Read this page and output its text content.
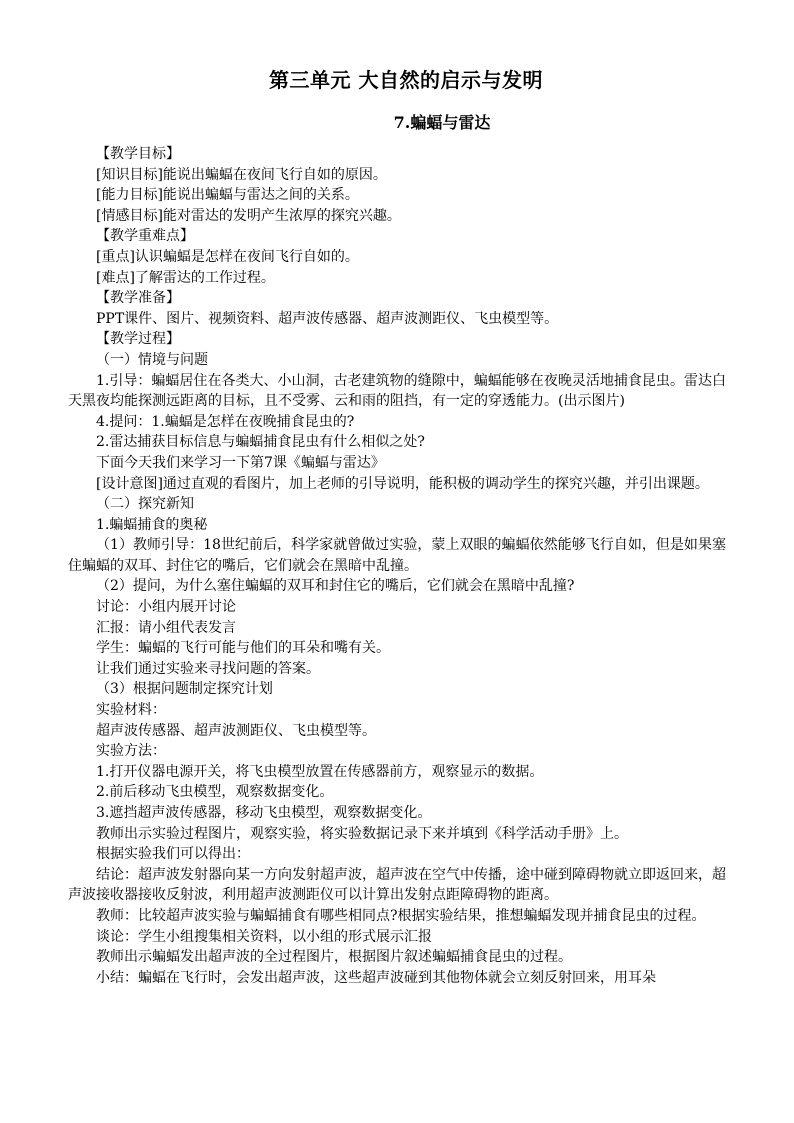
第三单元 大自然的启示与发明
7.蝙蝠与雷达

【教学目标】

[知识目标]能说出蝙蝠在夜间飞行自如的原因。

[能力目标]能说出蝙蝠与雷达之间的关系。

[情感目标]能对雷达的发明产生浓厚的探究兴趣。

【教学重难点】

[重点]认识蝙蝠是怎样在夜间飞行自如的。

[难点]了解雷达的工作过程。

【教学准备】

PPT课件、图片、视频资料、超声波传感器、超声波测距仪、飞虫模型等。

【教学过程】

（一）情境与问题

1.引导：蝙蝠居住在各类大、小山洞，古老建筑物的缝隙中，蝙蝠能够在夜晚灵活地捕食昆虫。雷达白天黑夜均能探测远距离的目标，且不受雾、云和雨的阻挡，有一定的穿透能力。(出示图片)

4.提问：1.蝙蝠是怎样在夜晚捕食昆虫的?

2.雷达捕获目标信息与蝙蝠捕食昆虫有什么相似之处?

下面今天我们来学习一下第7课《蝙蝠与雷达》

[设计意图]通过直观的看图片，加上老师的引导说明，能积极的调动学生的探究兴趣，并引出课题。

（二）探究新知

1.蝙蝠捕食的奥秘

（1）教师引导：18世纪前后，科学家就曾做过实验，蒙上双眼的蝙蝠依然能够飞行自如，但是如果塞住蝙蝠的双耳、封住它的嘴后，它们就会在黑暗中乱撞。

（2）提问，为什么塞住蝙蝠的双耳和封住它的嘴后，它们就会在黑暗中乱撞?

讨论：小组内展开讨论

汇报：请小组代表发言

学生：蝙蝠的飞行可能与他们的耳朵和嘴有关。

让我们通过实验来寻找问题的答案。

（3）根据问题制定探究计划

实验材料：

超声波传感器、超声波测距仪、飞虫模型等。

实验方法：

1.打开仪器电源开关，将飞虫模型放置在传感器前方，观察显示的数据。

2.前后移动飞虫模型，观察数据变化。

3.遮挡超声波传感器，移动飞虫模型，观察数据变化。

教师出示实验过程图片，观察实验，将实验数据记录下来并填到《科学活动手册》上。

根据实验我们可以得出：

结论：超声波发射器向某一方向发射超声波，超声波在空气中传播，途中碰到障碍物就立即返回来，超声波接收器接收反射波，利用超声波测距仪可以计算出发射点距障碍物的距离。

教师：比较超声波实验与蝙蝠捕食有哪些相同点?根据实验结果，推想蝙蝠发现并捕食昆虫的过程。

谈论：学生小组搜集相关资料，以小组的形式展示汇报

教师出示蝙蝠发出超声波的全过程图片，根据图片叙述蝙蝠捕食昆虫的过程。

小结：蝙蝠在飞行时，会发出超声波，这些超声波碰到其他物体就会立刻反射回来，用耳朵
